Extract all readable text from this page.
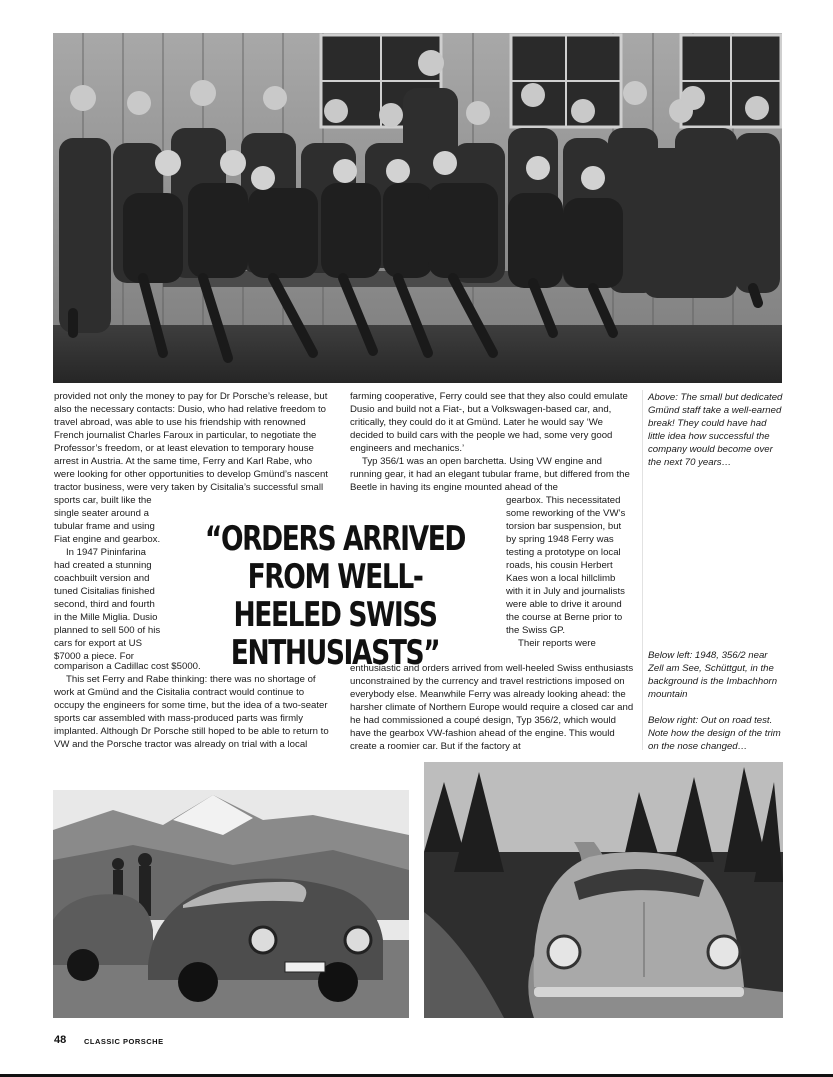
provided not only the money to pay for Dr Porsche’s release, but also the necessary contacts: Dusio, who had relative freedom to travel abroad, was able to use his friendship with renowned French journalist Charles Faroux in particular, to negotiate the Professor’s freedom, or at least elevation to temporary house arrest in Austria. At the same time, Ferry and Karl Rabe, who were looking for other opportunities to develop Gmünd’s nascent tractor business, were very taken by Cisitalia’s successful small

sports car, built like the single seater around a tubular frame and using Fiat engine and gearbox.

In 1947 Pininfarina had created a stunning coachbuilt version and tuned Cisitalias finished second, third and fourth in the Mille Miglia. Dusio planned to sell 500 of his cars for export at US $7000 a piece. For

comparison a Cadillac cost $5000.

This set Ferry and Rabe thinking: there was no shortage of work at Gmünd and the Cisitalia contract would continue to occupy the engineers for some time, but the idea of a two-seater sports car assembled with mass-produced parts was firmly implanted. Although Dr Porsche still hoped to be able to return to VW and the Porsche tractor was already on trial with a local

farming cooperative, Ferry could see that they also could emulate Dusio and build not a Fiat-, but a Volkswagen-based car, and, critically, they could do it at Gmünd. Later he would say ‘We decided to build cars with the people we had, some very good engineers and mechanics.’

Typ 356/1 was an open barchetta. Using VW engine and running gear, it had an elegant tubular frame, but differed from the Beetle in having its engine mounted ahead of the

gearbox. This necessitated some reworking of the VW’s torsion bar suspension, but by spring 1948 Ferry was testing a prototype on local roads, his cousin Herbert Kaes won a local hillclimb with it in July and journalists were able to drive it around the course at Berne prior to the Swiss GP.

Their reports were

enthusiastic and orders arrived from well-heeled Swiss enthusiasts unconstrained by the currency and travel restrictions imposed on everybody else. Meanwhile Ferry was already looking ahead: the harsher climate of Northern Europe would require a closed car and he had commissioned a coupé design, Typ 356/2, which would have the gearbox VW-fashion ahead of the engine. This would create a roomier car. But if the factory at

“ORDERS ARRIVED FROM WELL-HEELED SWISS ENTHUSIASTS”

Above: The small but dedicated Gmünd staff take a well-earned break! They could have had little idea how successful the company would become over the next 70 years…

Below left: 1948, 356/2 near Zell am See, Schüttgut, in the background is the Imbachhorn mountain

Below right: Out on road test. Note how the design of the trim on the nose changed…

48 CLASSIC PORSCHE
